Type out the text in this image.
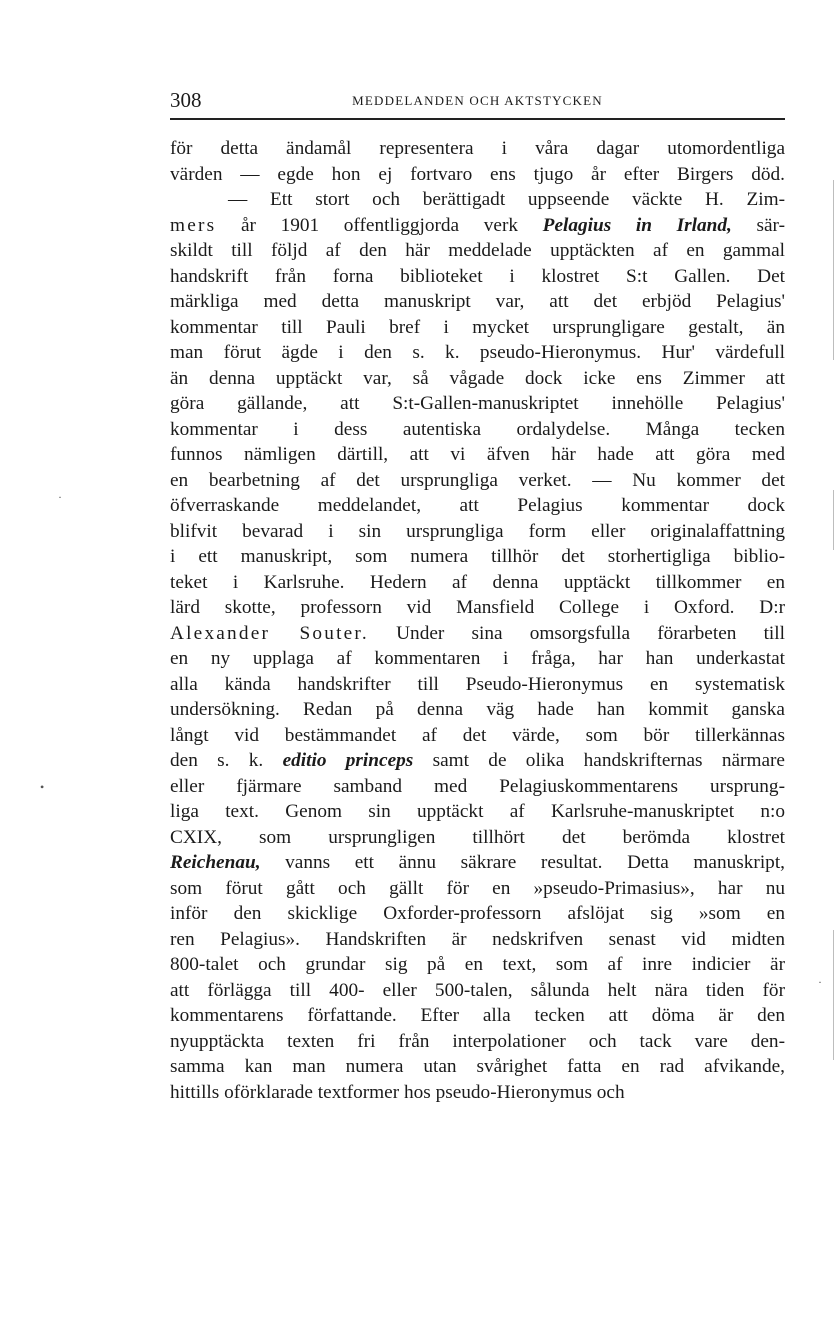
308	MEDDELANDEN OCH AKTSTYCKEN
för detta ändamål representera i våra dagar utomordentliga
värden — egde hon ej fortvaro ens tjugo år efter Birgers död.
— Ett stort och berättigadt uppseende väckte H. Zim-
mers år 1901 offentliggjorda verk Pelagius in Irland, sär-
skildt till följd af den här meddelade upptäckten af en gammal
handskrift från forna biblioteket i klostret S:t Gallen. Det
märkliga med detta manuskript var, att det erbjöd Pelagius'
kommentar till Pauli bref i mycket ursprungligare gestalt, än
man förut ägde i den s. k. pseudo-Hieronymus. Hur' värdefull
än denna upptäckt var, så vågade dock icke ens Zimmer att
göra gällande, att S:t-Gallen-manuskriptet innehölle Pelagius'
kommentar i dess autentiska ordalydelse. Många tecken
funnos nämligen därtill, att vi äfven här hade att göra med
en bearbetning af det ursprungliga verket. — Nu kommer det
öfverraskande meddelandet, att Pelagius kommentar dock
blifvit bevarad i sin ursprungliga form eller originalaffattning
i ett manuskript, som numera tillhör det storhertigliga biblio-
teket i Karlsruhe. Hedern af denna upptäckt tillkommer en
lärd skotte, professorn vid Mansfield College i Oxford. D:r
Alexander Souter. Under sina omsorgsfulla förarbeten till
en ny upplaga af kommentaren i fråga, har han underkastat
alla kända handskrifter till Pseudo-Hieronymus en systematisk
undersökning. Redan på denna väg hade han kommit ganska
långt vid bestämmandet af det värde, som bör tillerkännas
den s. k. editio princeps samt de olika handskrifternas närmare
eller fjärmare samband med Pelagiuskommentarens ursprung-
liga text. Genom sin upptäckt af Karlsruhe-manuskriptet n:o
CXIX, som ursprungligen tillhört det berömda klostret
Reichenau, vanns ett ännu säkrare resultat. Detta manuskript,
som förut gått och gällt för en »pseudo-Primasius», har nu
inför den skicklige Oxforder-professorn afslöjat sig »som en
ren Pelagius». Handskriften är nedskrifven senast vid midten
800-talet och grundar sig på en text, som af inre indicier är
att förlägga till 400- eller 500-talen, sålunda helt nära tiden för
kommentarens författande. Efter alla tecken att döma är den
nyupptäckta texten fri från interpolationer och tack vare den-
samma kan man numera utan svårighet fatta en rad afvikande,
hittills oförklarade textformer hos pseudo-Hieronymus och
·
•
·
